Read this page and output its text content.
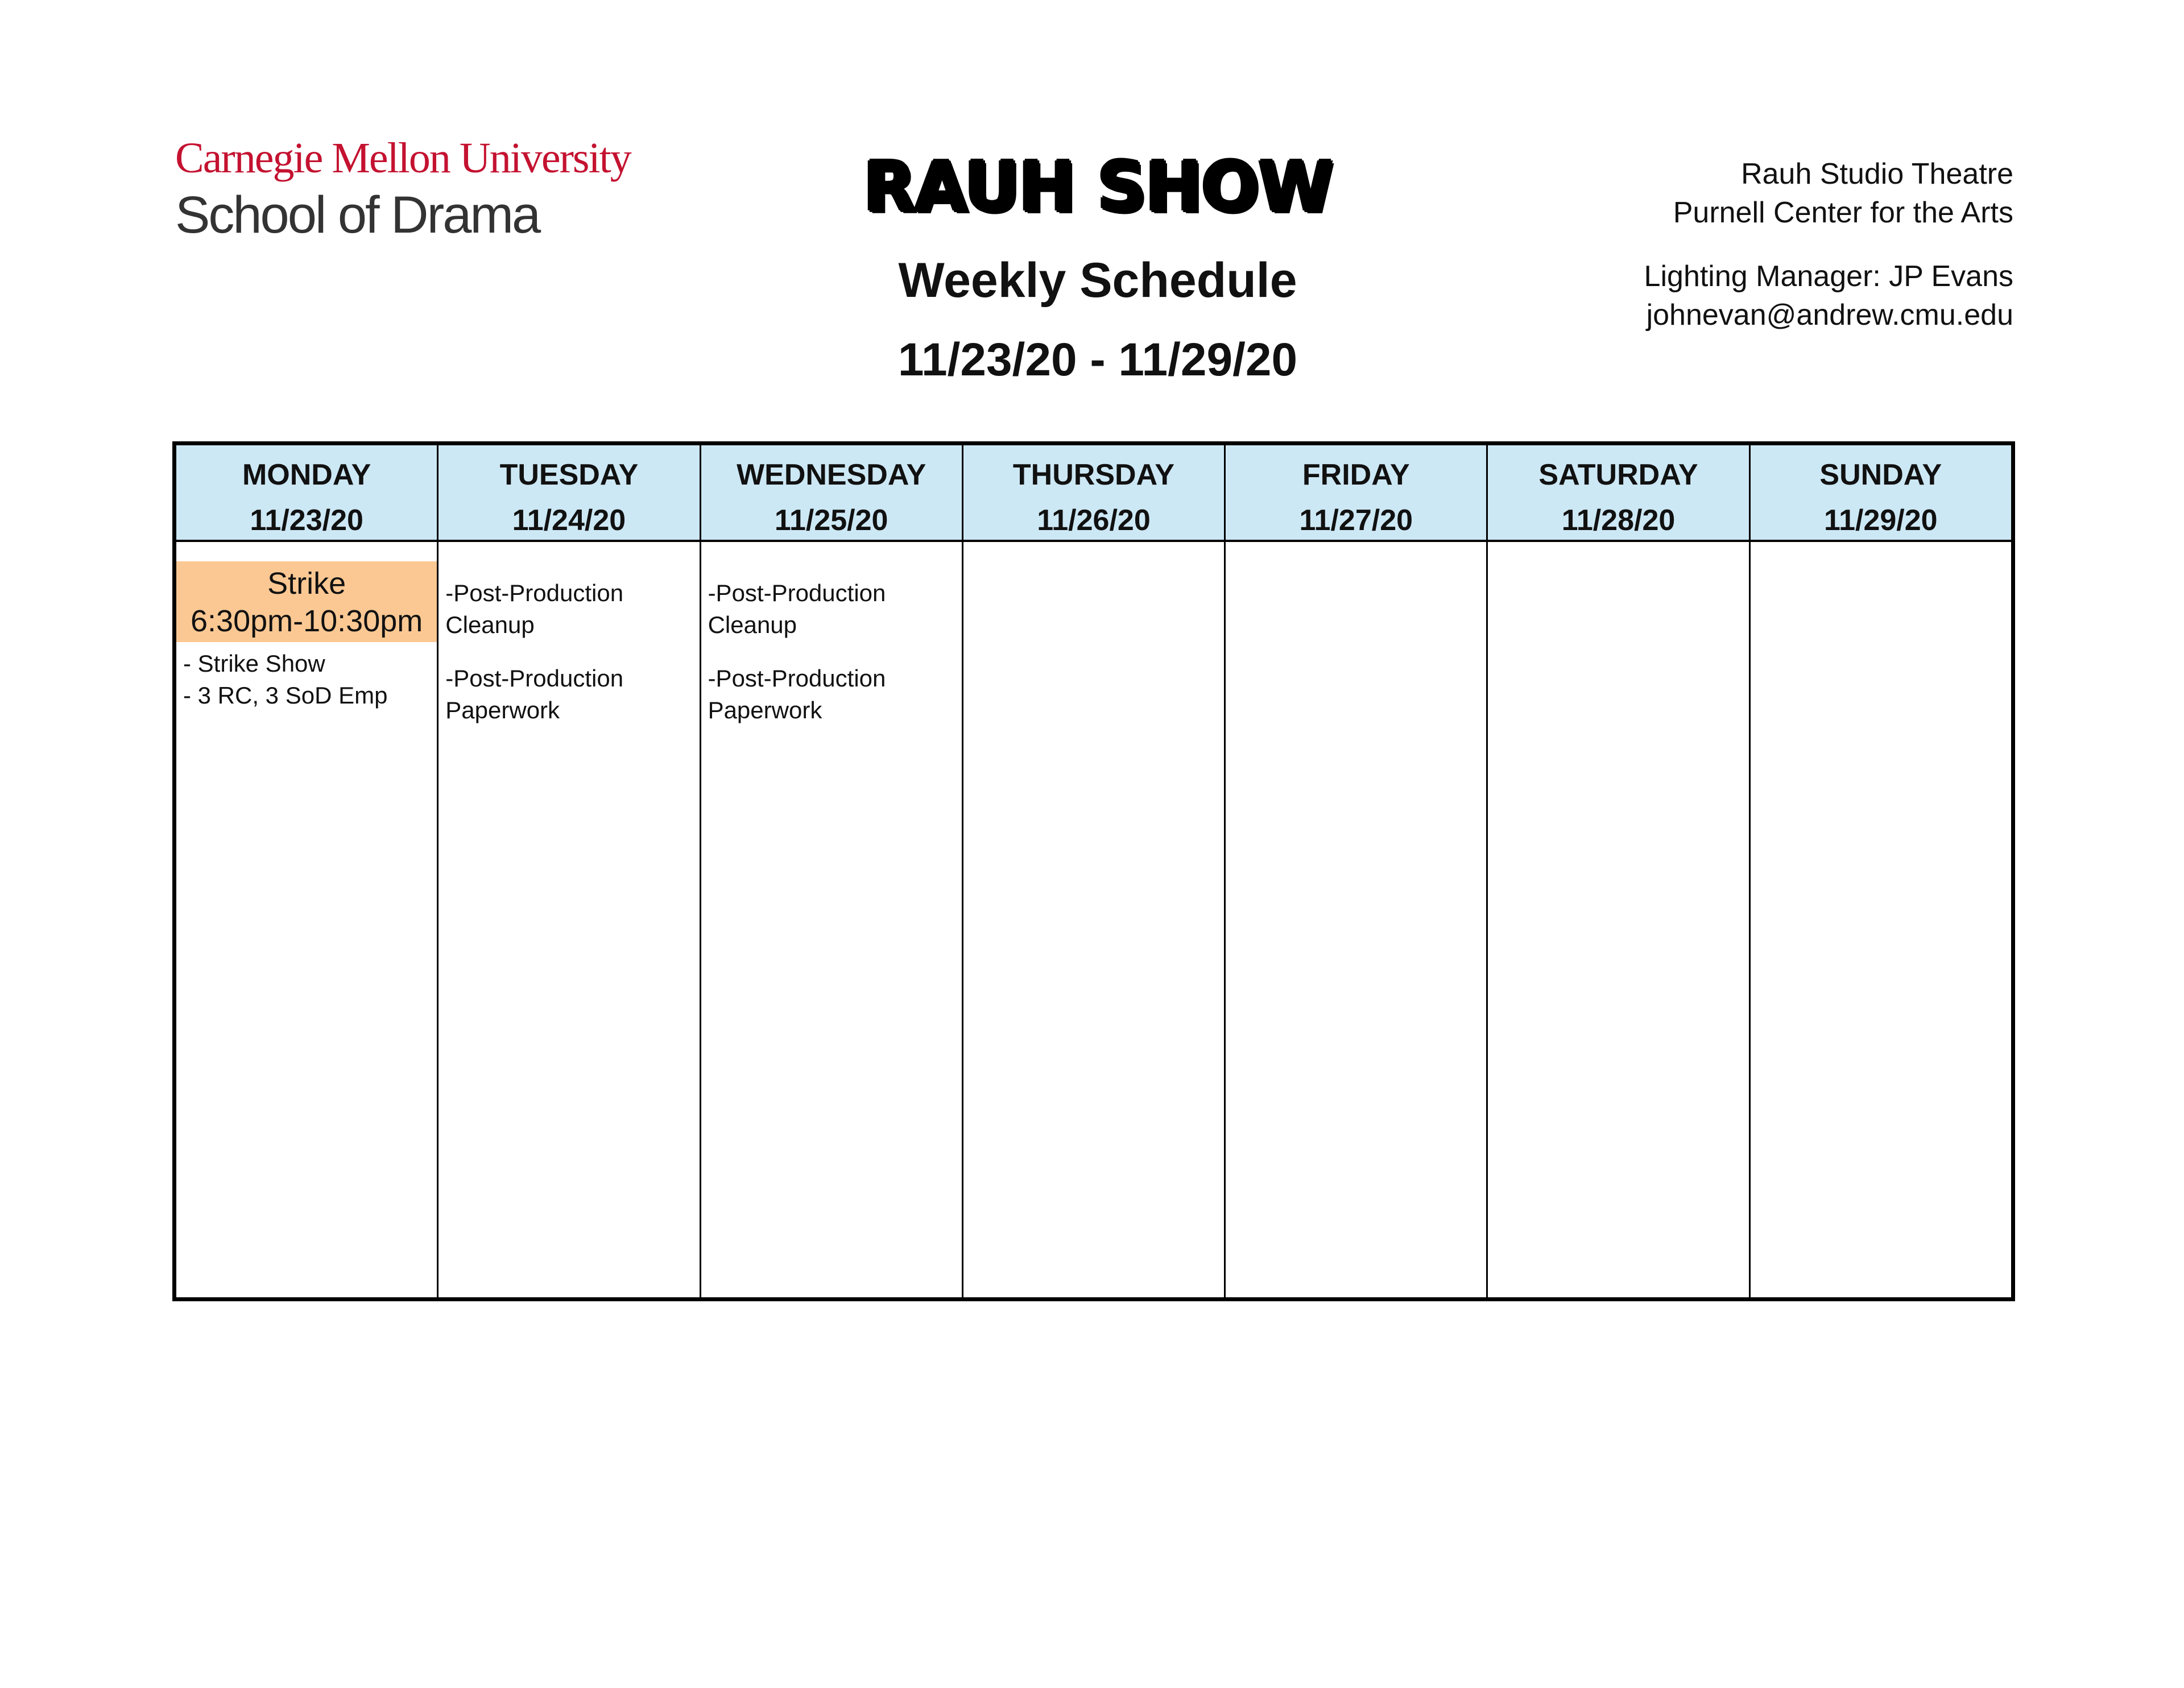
Carnegie Mellon University
School of Drama	RAUH SHOW
Weekly Schedule
11/23/20 - 11/29/20
Rauh Studio Theatre
Purnell Center for the Arts
Lighting Manager: JP Evans
johnevan@andrew.cmu.edu
MONDAY
11/23/20
Strike
6:30pm-10:30pm
- Strike Show
- 3 RC, 3 SoD Emp
TUESDAY
11/24/20
-Post-Production
Cleanup
-Post-Production
Paperwork
WEDNESDAY
11/25/20
-Post-Production
Cleanup
-Post-Production
Paperwork
THURSDAY
11/26/20
FRIDAY
11/27/20
SATURDAY
11/28/20
SUNDAY
11/29/20
